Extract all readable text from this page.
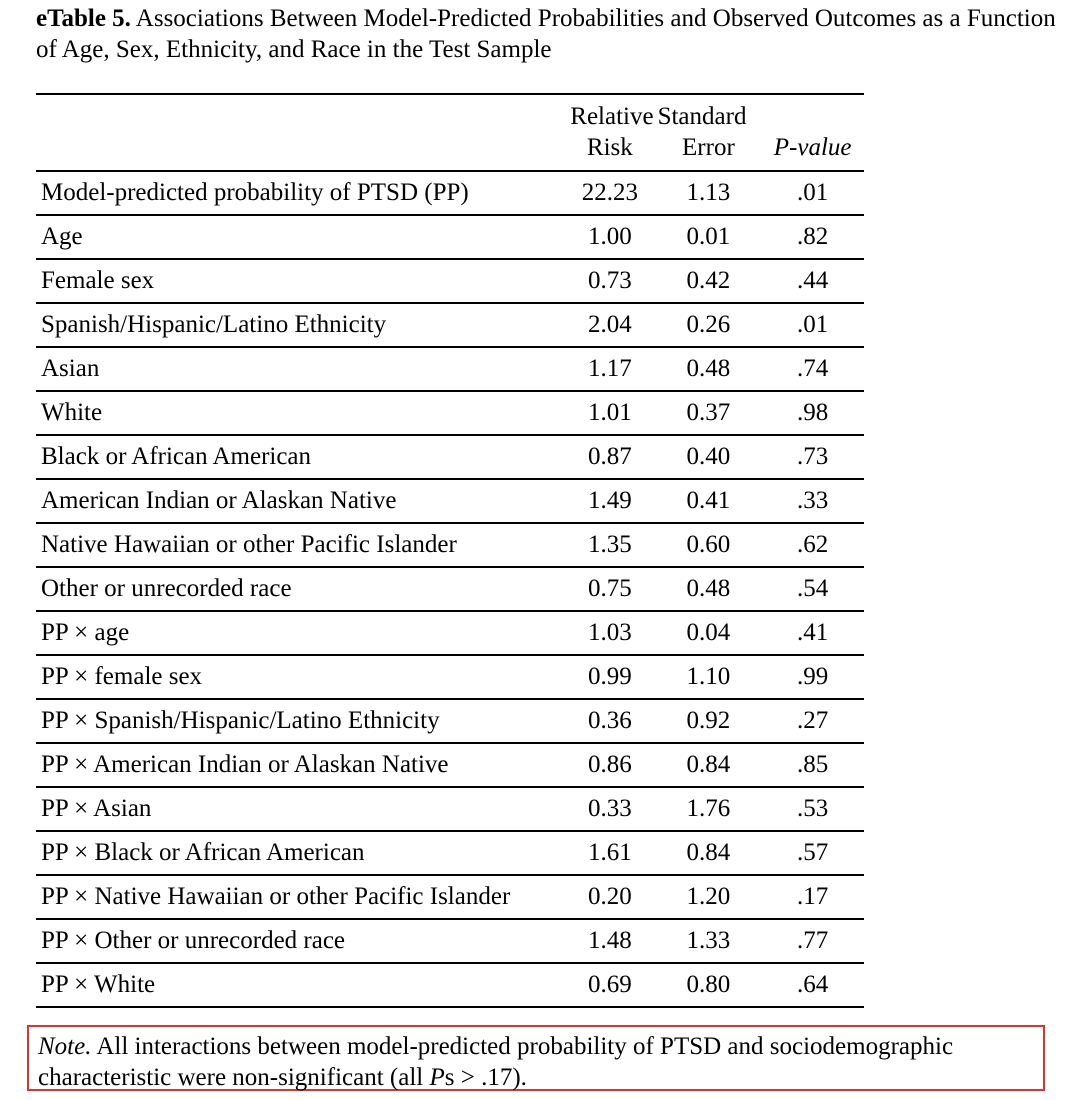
eTable 5. Associations Between Model-Predicted Probabilities and Observed Outcomes as a Function of Age, Sex, Ethnicity, and Race in the Test Sample
	Relative	Standard	
	Risk	Error	P-value
Model-predicted probability of PTSD (PP)	22.23	1.13	.01
Age	1.00	0.01	.82
Female sex	0.73	0.42	.44
Spanish/Hispanic/Latino Ethnicity	2.04	0.26	.01
Asian	1.17	0.48	.74
White	1.01	0.37	.98
Black or African American	0.87	0.40	.73
American Indian or Alaskan Native	1.49	0.41	.33
Native Hawaiian or other Pacific Islander	1.35	0.60	.62
Other or unrecorded race	0.75	0.48	.54
PP × age	1.03	0.04	.41
PP × female sex	0.99	1.10	.99
PP × Spanish/Hispanic/Latino Ethnicity	0.36	0.92	.27
PP × American Indian or Alaskan Native	0.86	0.84	.85
PP × Asian	0.33	1.76	.53
PP × Black or African American	1.61	0.84	.57
PP × Native Hawaiian or other Pacific Islander	0.20	1.20	.17
PP × Other or unrecorded race	1.48	1.33	.77
PP × White	0.69	0.80	.64
Note. All interactions between model-predicted probability of PTSD and sociodemographic characteristic were non-significant (all Ps > .17).
